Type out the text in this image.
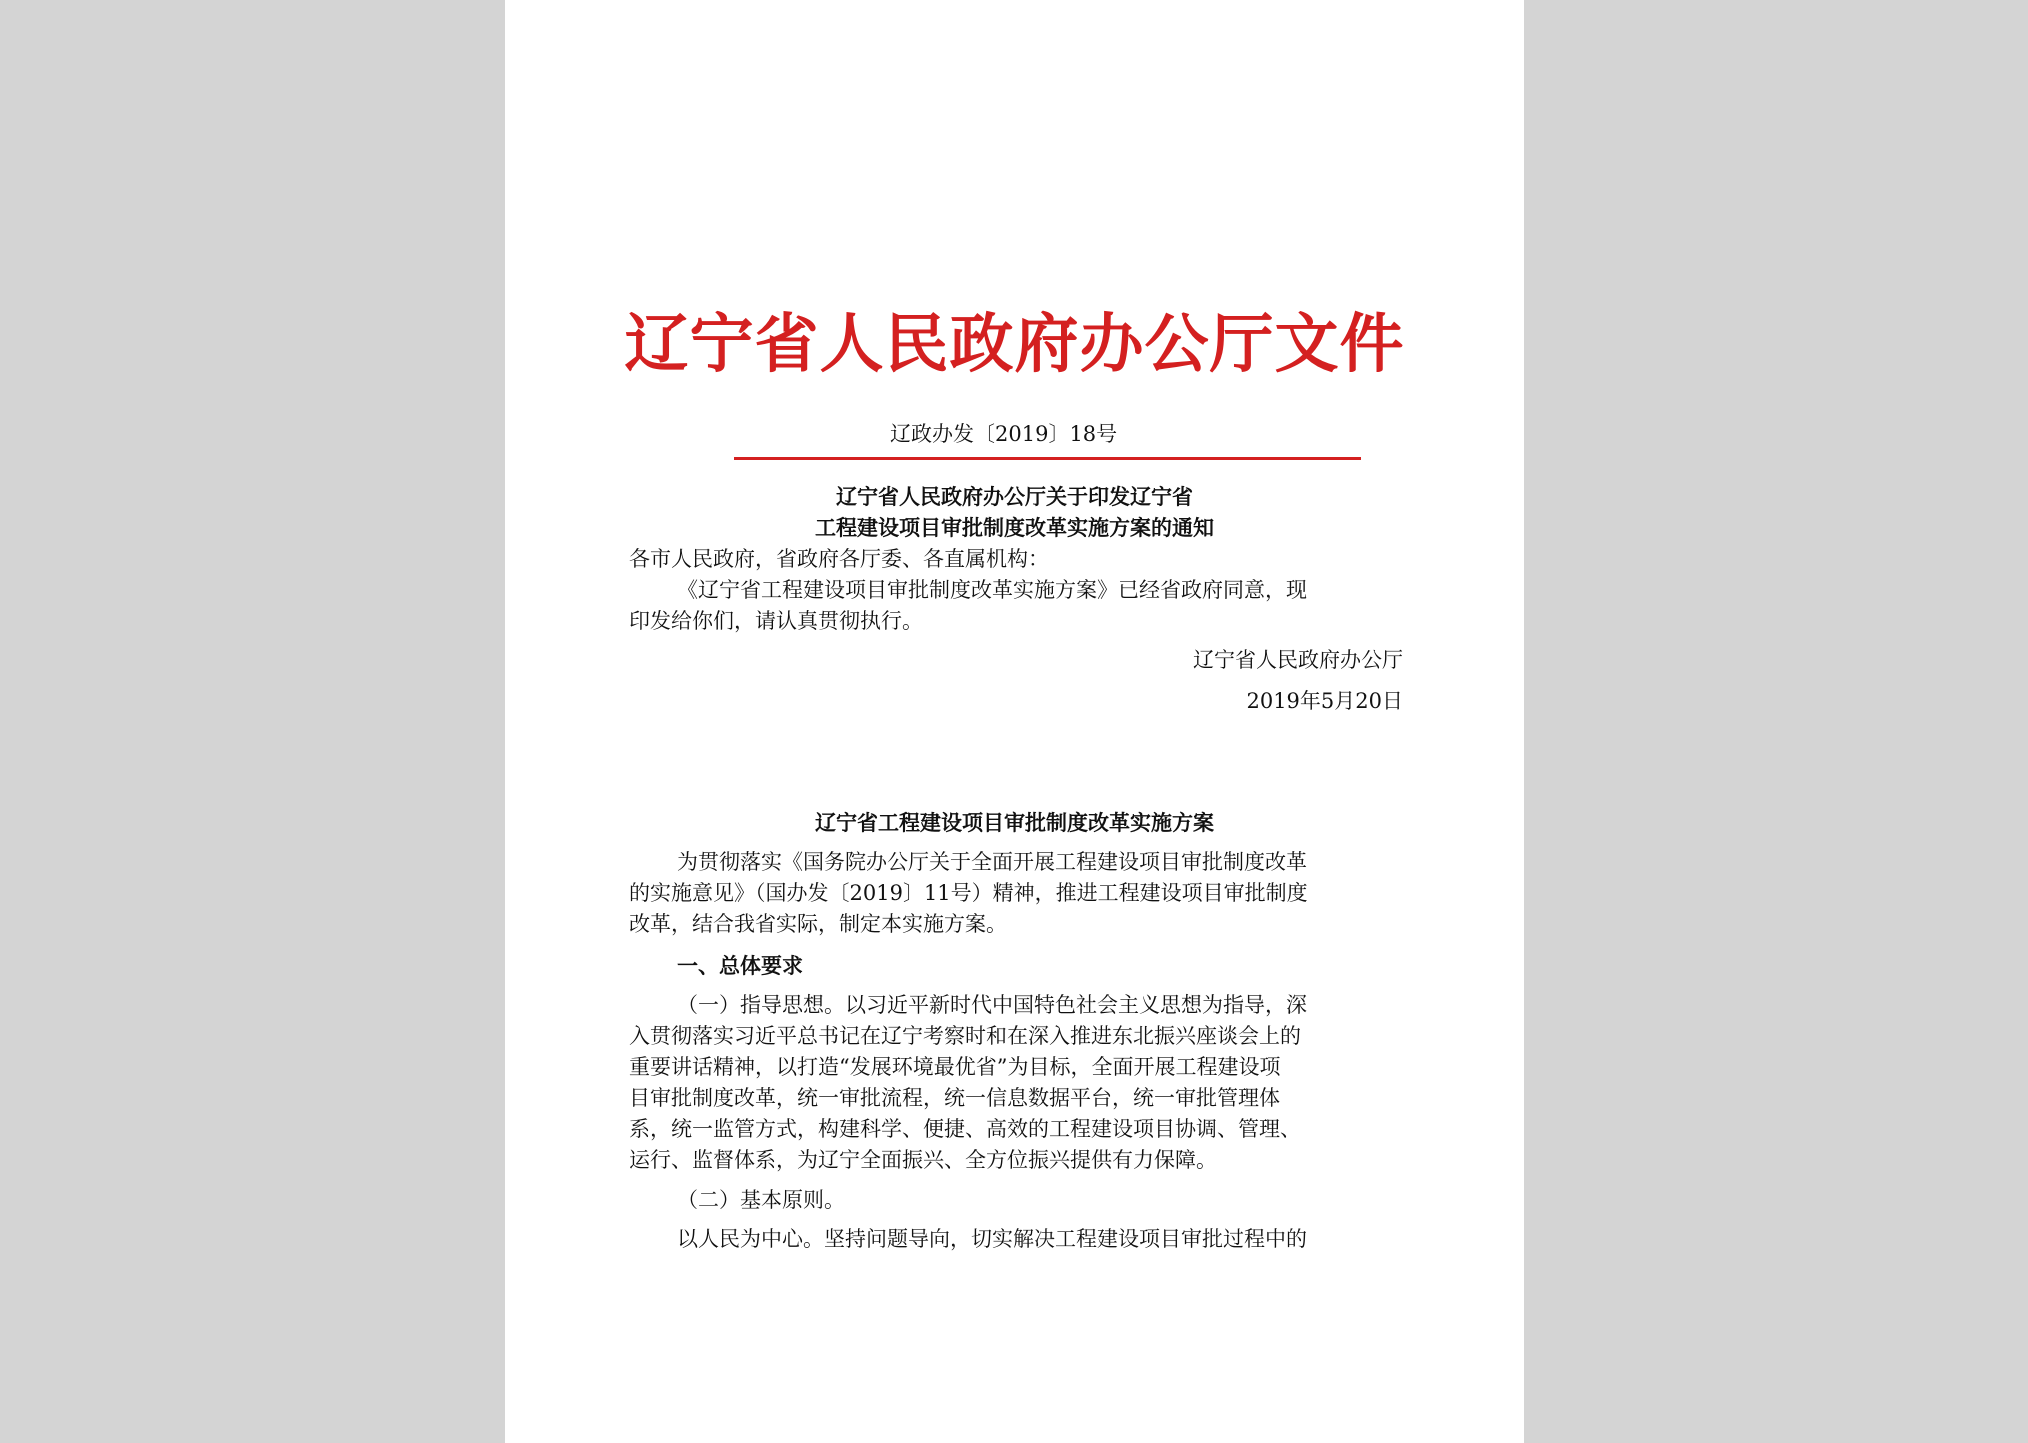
辽宁省人民政府办公厅文件
辽政办发〔2019〕18号
辽宁省人民政府办公厅关于印发辽宁省
工程建设项目审批制度改革实施方案的通知
各市人民政府，省政府各厅委、各直属机构：
《辽宁省工程建设项目审批制度改革实施方案》已经省政府同意，现
印发给你们，请认真贯彻执行。
辽宁省人民政府办公厅
2019年5月20日
辽宁省工程建设项目审批制度改革实施方案
为贯彻落实《国务院办公厅关于全面开展工程建设项目审批制度改革
的实施意见》（国办发〔2019〕11号）精神，推进工程建设项目审批制度
改革，结合我省实际，制定本实施方案。
一、总体要求
（一）指导思想。以习近平新时代中国特色社会主义思想为指导，深
入贯彻落实习近平总书记在辽宁考察时和在深入推进东北振兴座谈会上的
重要讲话精神，以打造“发展环境最优省”为目标，全面开展工程建设项
目审批制度改革，统一审批流程，统一信息数据平台，统一审批管理体
系，统一监管方式，构建科学、便捷、高效的工程建设项目协调、管理、
运行、监督体系，为辽宁全面振兴、全方位振兴提供有力保障。
（二）基本原则。
以人民为中心。坚持问题导向，切实解决工程建设项目审批过程中的
